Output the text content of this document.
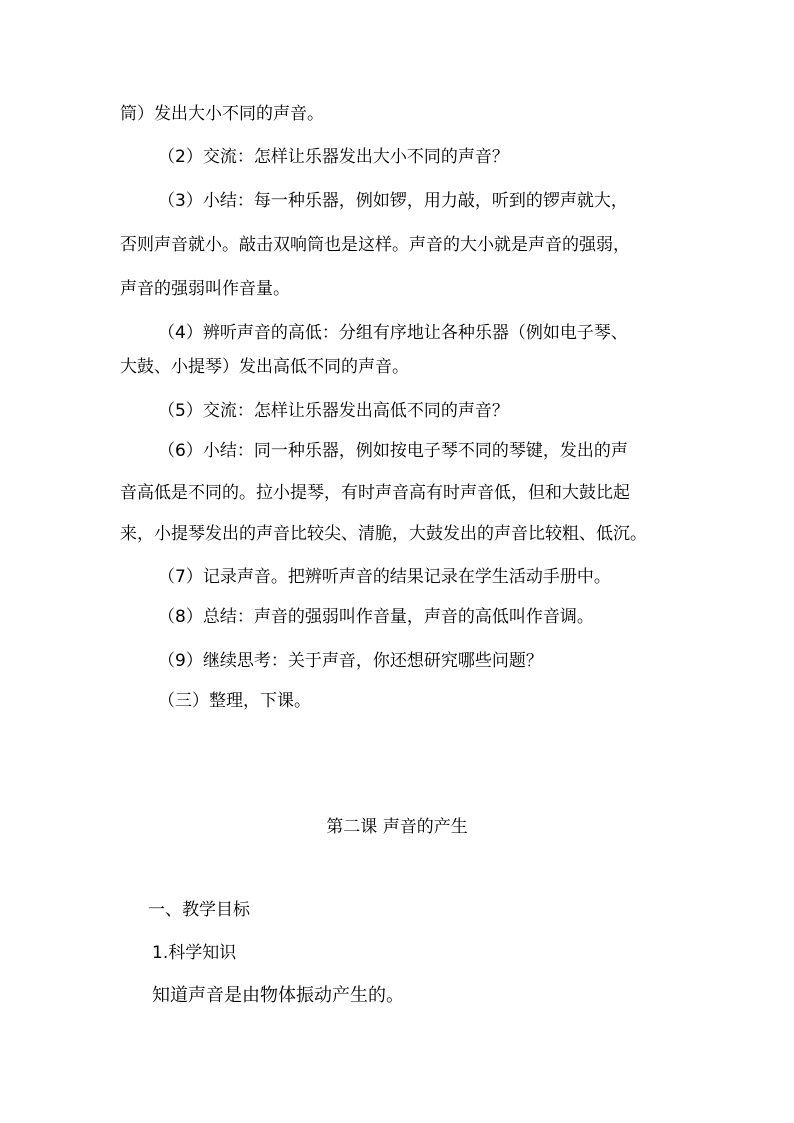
筒）发出大小不同的声音。
（2）交流：怎样让乐器发出大小不同的声音？
（3）小结：每一种乐器，例如锣，用力敲，听到的锣声就大，
否则声音就小。敲击双响筒也是这样。声音的大小就是声音的强弱，
声音的强弱叫作音量。
（4）辨听声音的高低：分组有序地让各种乐器（例如电子琴、
大鼓、小提琴）发出高低不同的声音。
（5）交流：怎样让乐器发出高低不同的声音？
（6）小结：同一种乐器，例如按电子琴不同的琴键，发出的声
音高低是不同的。拉小提琴，有时声音高有时声音低，但和大鼓比起
来，小提琴发出的声音比较尖、清脆，大鼓发出的声音比较粗、低沉。
（7）记录声音。把辨听声音的结果记录在学生活动手册中。
（8）总结：声音的强弱叫作音量，声音的高低叫作音调。
（9）继续思考：关于声音，你还想研究哪些问题？
（三）整理，下课。
第二课 声音的产生
一、教学目标
1.科学知识
知道声音是由物体振动产生的。
